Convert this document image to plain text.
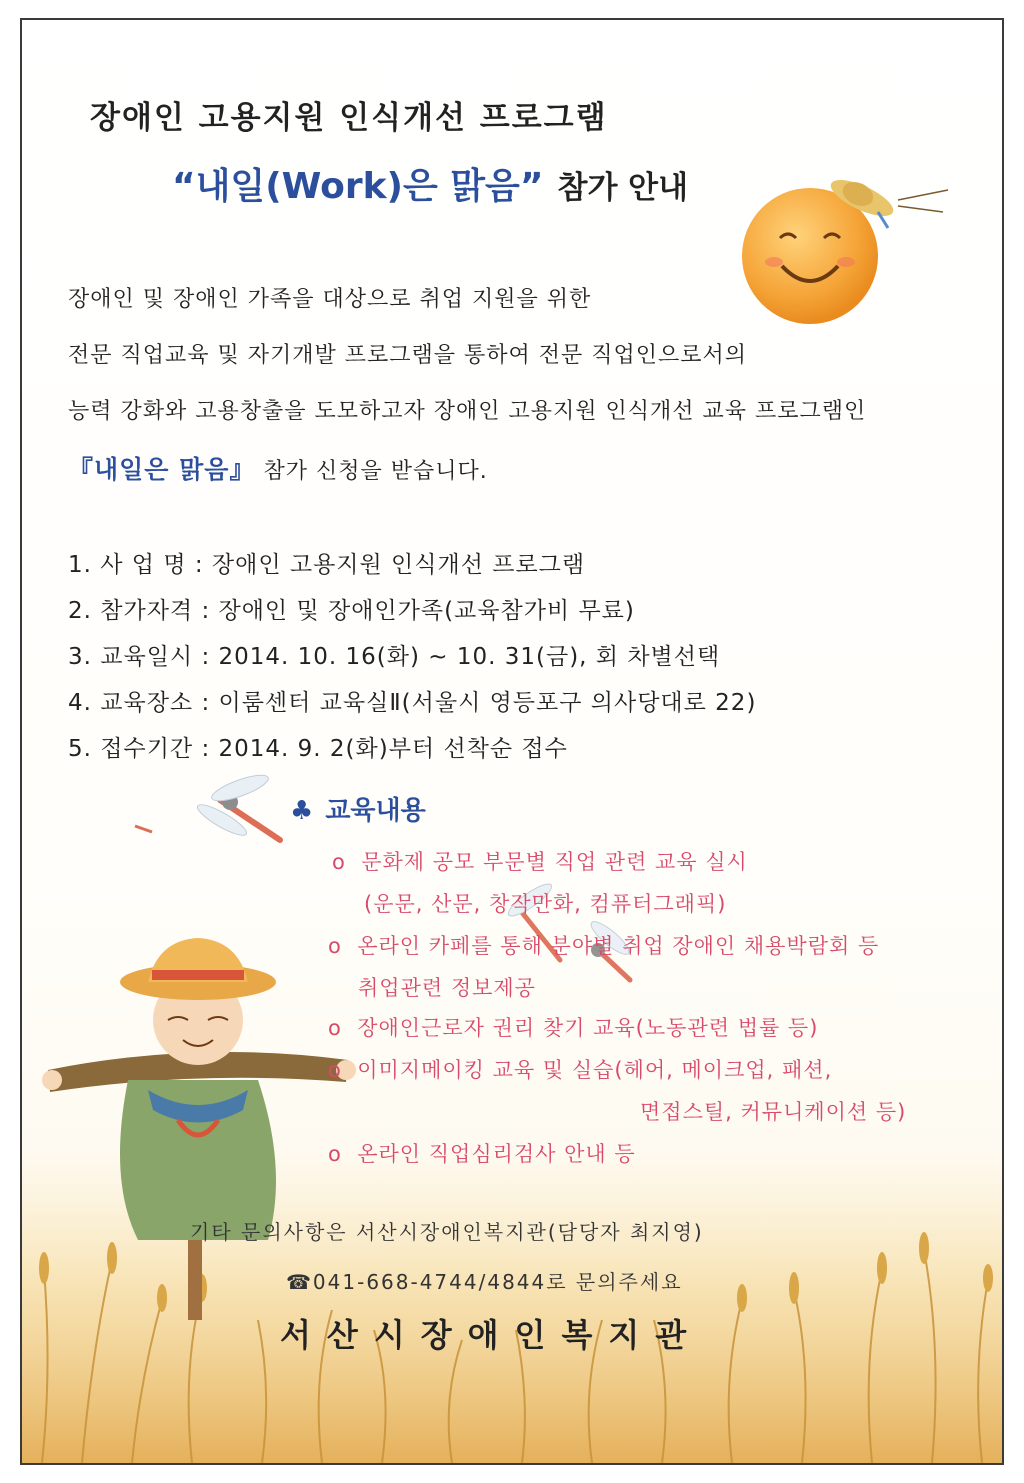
장애인 고용지원 인식개선 프로그램
“내일(Work)은 맑음” 참가 안내
장애인 및 장애인 가족을 대상으로 취업 지원을 위한
전문 직업교육 및 자기개발 프로그램을 통하여 전문 직업인으로서의
능력 강화와 고용창출을 도모하고자 장애인 고용지원 인식개선 교육 프로그램인
『내일은 맑음』 참가 신청을 받습니다.
1. 사 업 명 : 장애인 고용지원 인식개선 프로그램
2. 참가자격 : 장애인 및 장애인가족(교육참가비 무료)
3. 교육일시 : 2014. 10. 16(화) ~ 10. 31(금), 회 차별선택
4. 교육장소 : 이룸센터 교육실Ⅱ(서울시 영등포구 의사당대로 22)
5. 접수기간 : 2014. 9. 2(화)부터 선착순 접수
♣ 교육내용
o 문화제 공모 부문별 직업 관련 교육 실시
(운문, 산문, 창작만화, 컴퓨터그래픽)
o 온라인 카페를 통해 분야별 취업 장애인 채용박람회 등
취업관련 정보제공
o 장애인근로자 권리 찾기 교육(노동관련 법률 등)
o 이미지메이킹 교육 및 실습(헤어, 메이크업, 패션,
면접스틸, 커뮤니케이션 등)
o 온라인 직업심리검사 안내 등
기타 문의사항은 서산시장애인복지관(담당자 최지영)
☎041-668-4744/4844로 문의주세요
서산시장애인복지관
